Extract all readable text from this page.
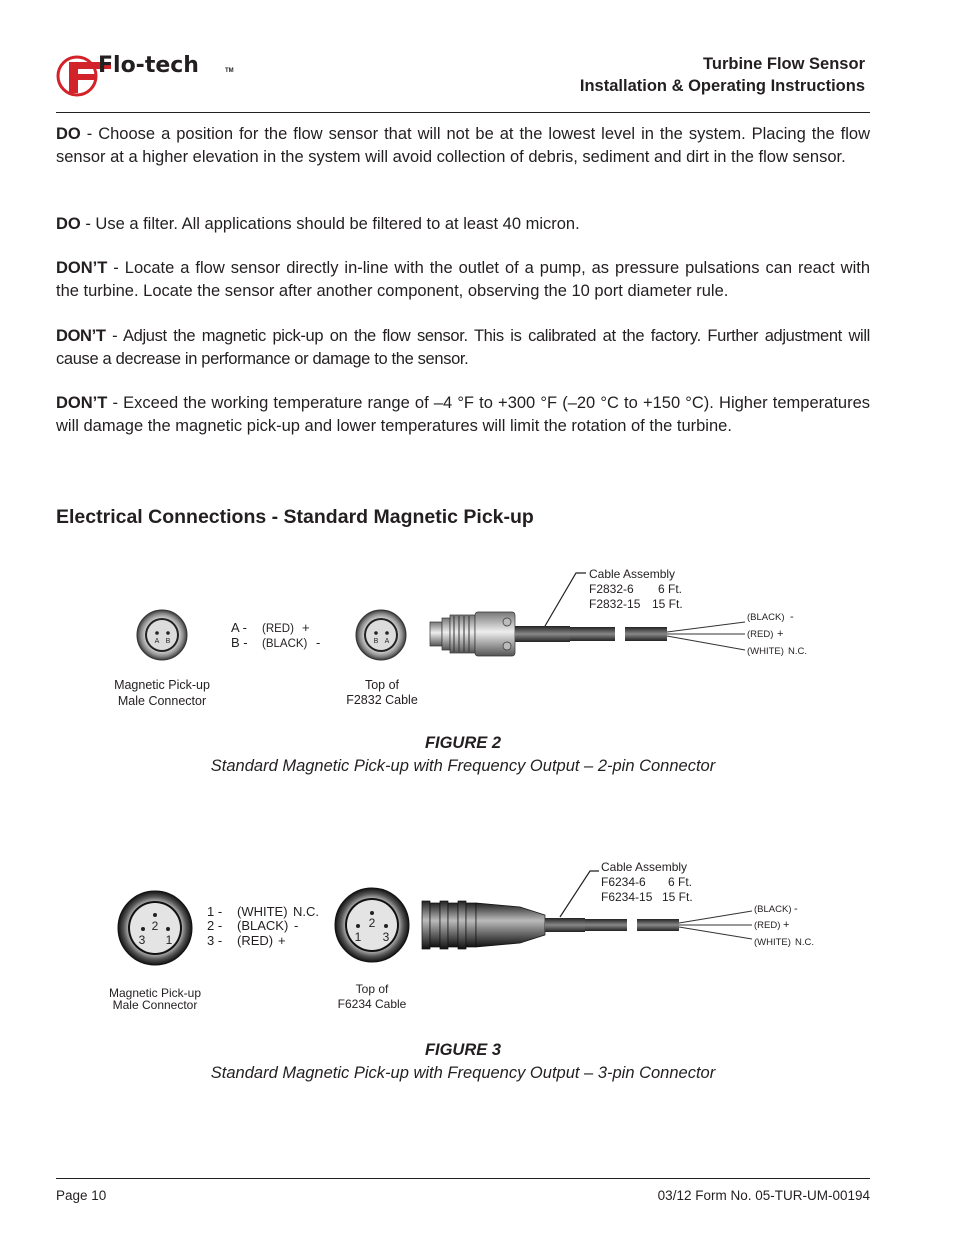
Flo-tech	TM	Turbine Flow Sensor
Installation & Operating Instructions
DO - Choose a position for the flow sensor that will not be at the lowest level in the system. Placing the flow sensor at a higher elevation in the system will avoid collection of debris, sediment and dirt in the flow sensor.
DO - Use a filter. All applications should be filtered to at least 40 micron.
DON’T - Locate a flow sensor directly in-line with the outlet of a pump, as pressure pulsations can react with the turbine. Locate the sensor after another component, observing the 10 port diameter rule.
DON’T - Adjust the magnetic pick-up on the flow sensor. This is calibrated at the factory. Further adjustment will cause a decrease in performance or damage to the sensor.
DON’T - Exceed the working temperature range of –4 °F to +300 °F (–20 °C to +150 °C). Higher temperatures will damage the magnetic pick-up and lower temperatures will limit the rotation of the turbine.
Electrical Connections - Standard Magnetic Pick-up
A B
Magnetic Pick-up
Male Connector
A - (RED) +
B - (BLACK) -	B A
Top of
F2832 Cable
(BLACK) -
(RED) +
(WHITE) N.C.
Cable Assembly
F2832-6 6 Ft.
F2832-15 15 Ft.
FIGURE 2
Standard Magnetic Pick-up with Frequency Output – 2-pin Connector
2
3 1
Magnetic Pick-up
Male Connector
1 - (WHITE) N.C.
2 - (BLACK) -
3 - (RED) +
2
1 3
Top of
F6234 Cable
(BLACK) -
(RED) +
(WHITE) N.C.
Cable Assembly
F6234-6 6 Ft.
F6234-15 15 Ft.
FIGURE 3
Standard Magnetic Pick-up with Frequency Output – 3-pin Connector
Page 10	03/12 Form No. 05-TUR-UM-00194
